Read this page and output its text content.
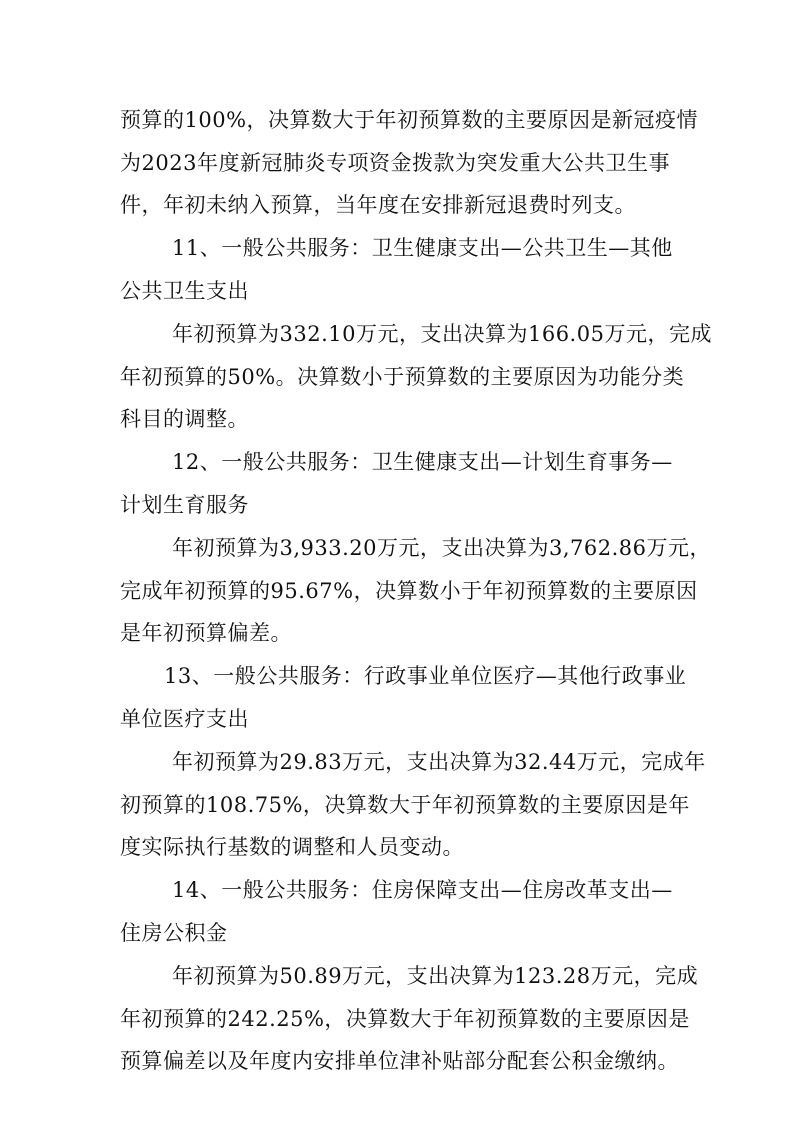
预算的100%，决算数大于年初预算数的主要原因是新冠疫情
为2023年度新冠肺炎专项资金拨款为突发重大公共卫生事
件，年初未纳入预算，当年度在安排新冠退费时列支。
11、一般公共服务：卫生健康支出—公共卫生—其他
公共卫生支出
年初预算为332.10万元，支出决算为166.05万元，完成
年初预算的50%。决算数小于预算数的主要原因为功能分类
科目的调整。
12、一般公共服务：卫生健康支出—计划生育事务—
计划生育服务
年初预算为3,933.20万元，支出决算为3,762.86万元，
完成年初预算的95.67%，决算数小于年初预算数的主要原因
是年初预算偏差。
13、一般公共服务：行政事业单位医疗—其他行政事业
单位医疗支出
年初预算为29.83万元，支出决算为32.44万元，完成年
初预算的108.75%，决算数大于年初预算数的主要原因是年
度实际执行基数的调整和人员变动。
14、一般公共服务：住房保障支出—住房改革支出—
住房公积金
年初预算为50.89万元，支出决算为123.28万元，完成
年初预算的242.25%，决算数大于年初预算数的主要原因是
预算偏差以及年度内安排单位津补贴部分配套公积金缴纳。
